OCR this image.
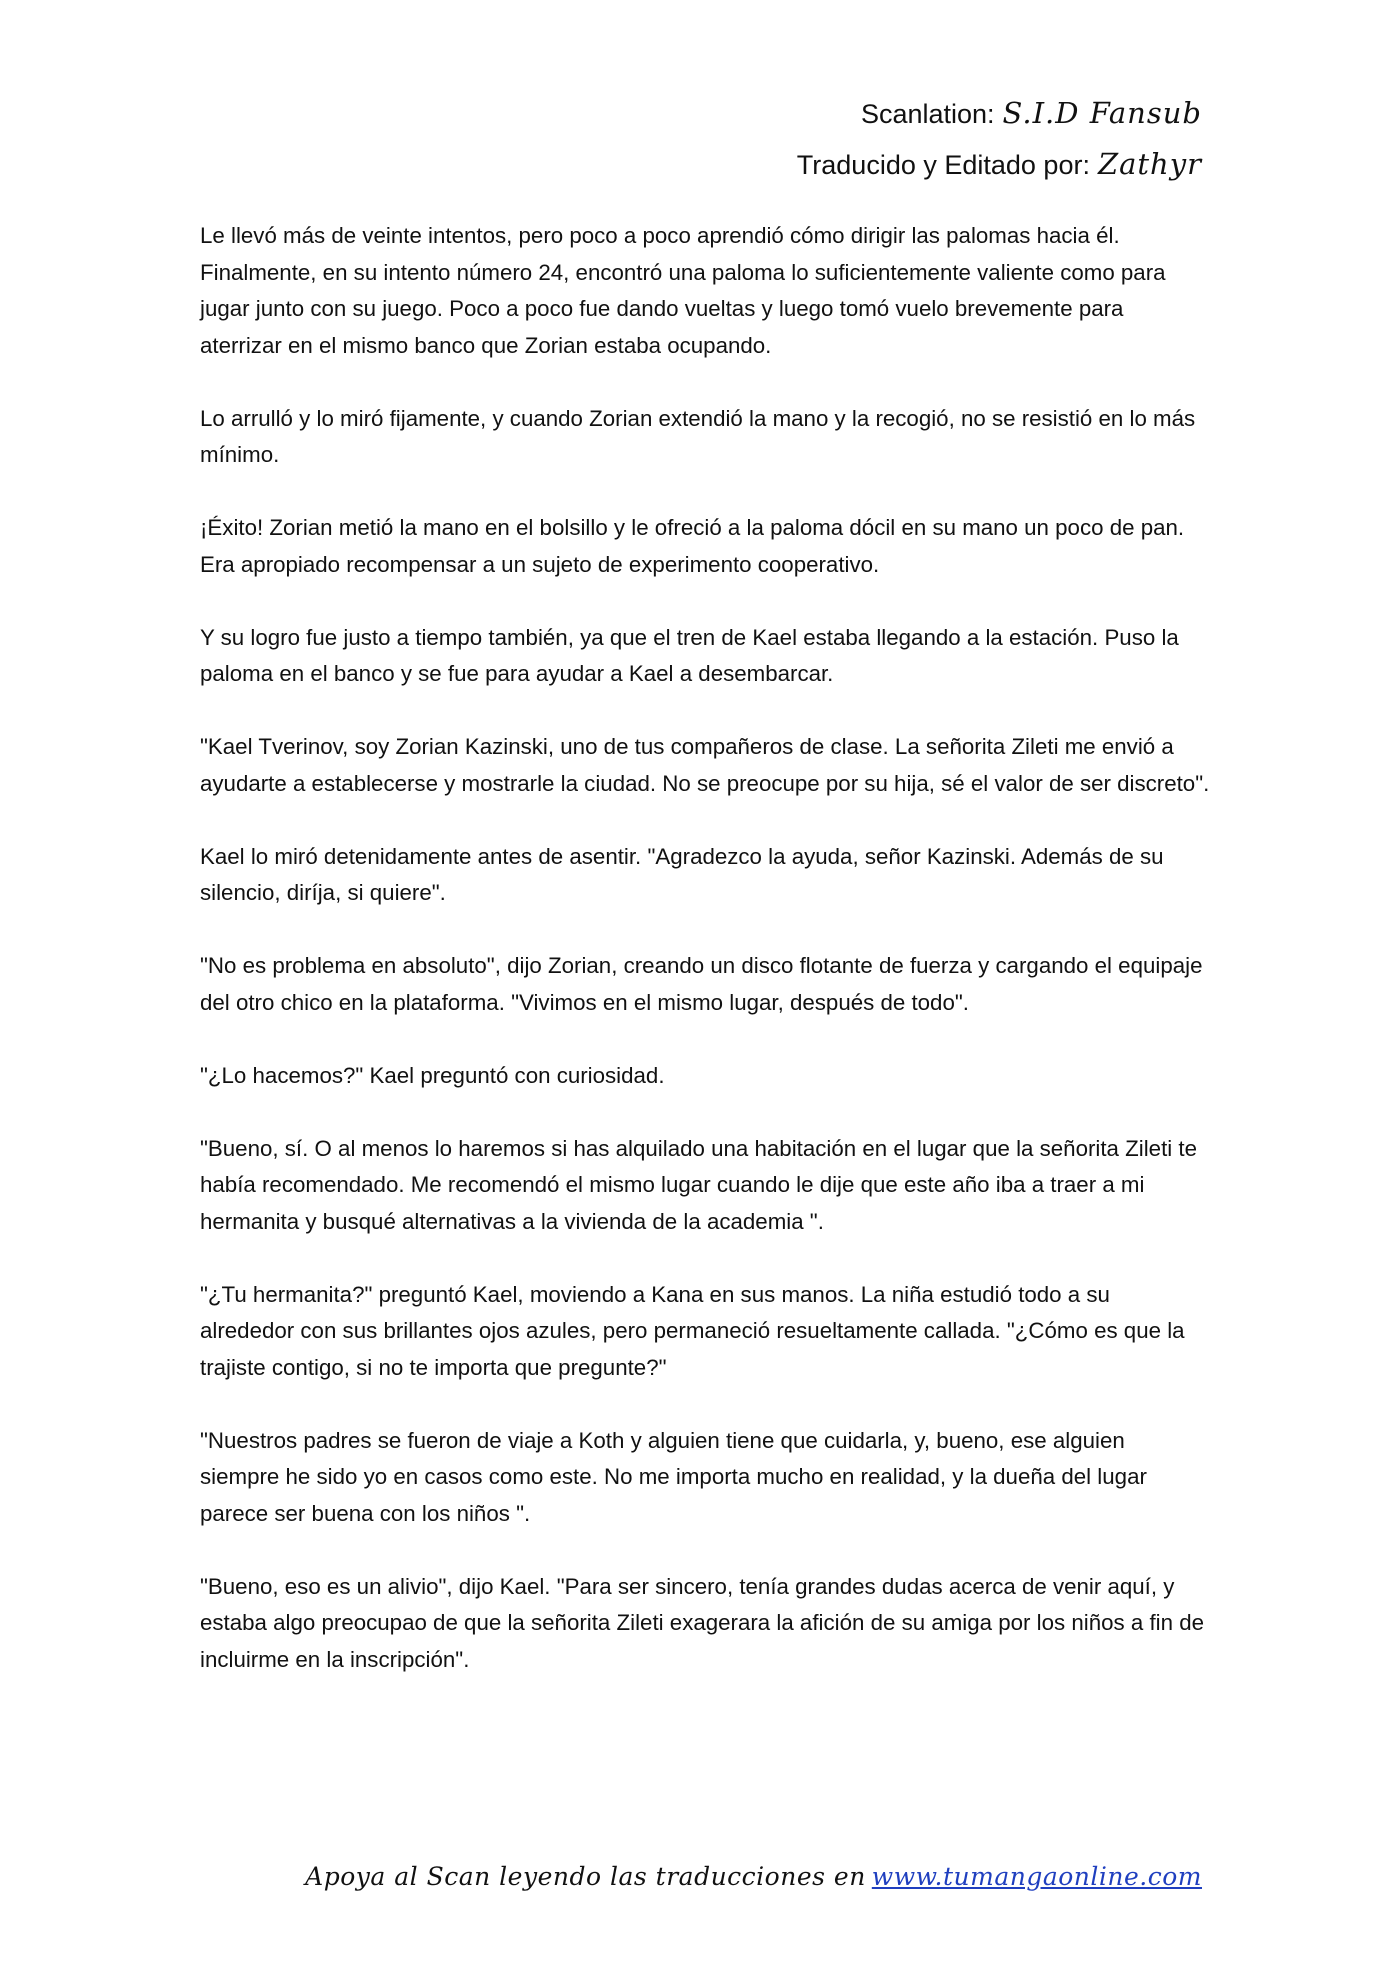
Scanlation: S.I.D Fansub
Traducido y Editado por: Zathyr

Le llevó más de veinte intentos, pero poco a poco aprendió cómo dirigir las palomas hacia él. Finalmente, en su intento número 24, encontró una paloma lo suficientemente valiente como para jugar junto con su juego. Poco a poco fue dando vueltas y luego tomó vuelo brevemente para aterrizar en el mismo banco que Zorian estaba ocupando.

Lo arrulló y lo miró fijamente, y cuando Zorian extendió la mano y la recogió, no se resistió en lo más mínimo.

¡Éxito! Zorian metió la mano en el bolsillo y le ofreció a la paloma dócil en su mano un poco de pan. Era apropiado recompensar a un sujeto de experimento cooperativo.

Y su logro fue justo a tiempo también, ya que el tren de Kael estaba llegando a la estación. Puso la paloma en el banco y se fue para ayudar a Kael a desembarcar.

"Kael Tverinov, soy Zorian Kazinski, uno de tus compañeros de clase. La señorita Zileti me envió a ayudarte a establecerse y mostrarle la ciudad. No se preocupe por su hija, sé el valor de ser discreto".

Kael lo miró detenidamente antes de asentir. "Agradezco la ayuda, señor Kazinski. Además de su silencio, diríja, si quiere".

"No es problema en absoluto", dijo Zorian, creando un disco flotante de fuerza y cargando el equipaje del otro chico en la plataforma. "Vivimos en el mismo lugar, después de todo".

"¿Lo hacemos?" Kael preguntó con curiosidad.

"Bueno, sí. O al menos lo haremos si has alquilado una habitación en el lugar que la señorita Zileti te había recomendado. Me recomendó el mismo lugar cuando le dije que este año iba a traer a mi hermanita y busqué alternativas a la vivienda de la academia ".

"¿Tu hermanita?" preguntó Kael, moviendo a Kana en sus manos. La niña estudió todo a su alrededor con sus brillantes ojos azules, pero permaneció resueltamente callada. "¿Cómo es que la trajiste contigo, si no te importa que pregunte?"

"Nuestros padres se fueron de viaje a Koth y alguien tiene que cuidarla, y, bueno, ese alguien siempre he sido yo en casos como este. No me importa mucho en realidad, y la dueña del lugar parece ser buena con los niños ".

"Bueno, eso es un alivio", dijo Kael. "Para ser sincero, tenía grandes dudas acerca de venir aquí, y estaba algo preocupao de que la señorita Zileti exagerara la afición de su amiga por los niños a fin de incluirme en la inscripción".

Apoya al Scan leyendo las traducciones en www.tumangaonline.com
